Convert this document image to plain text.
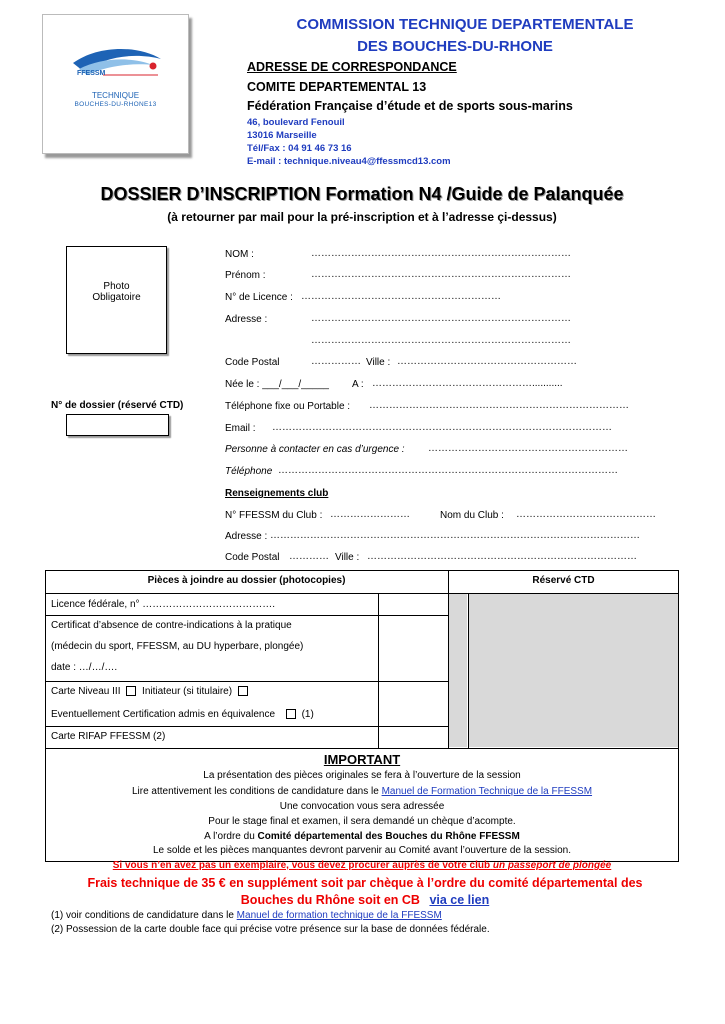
FFESSM
TECHNIQUE
BOUCHES-DU-RHONE13
COMMISSION TECHNIQUE DEPARTEMENTALE
DES BOUCHES-DU-RHONE
ADRESSE DE CORRESPONDANCE
COMITE DEPARTEMENTAL 13
Fédération Française d’étude et de sports sous-marins
46, boulevard Fenouil
13016 Marseille
Tél/Fax : 04 91 46 73 16
E-mail : technique.niveau4@ffessmcd13.com
DOSSIER D’INSCRIPTION Formation N4 /Guide de Palanquée
(à retourner par mail pour la pré-inscription et à l’adresse çi-dessus)
Photo
Obligatoire
N° de dossier (réservé CTD)
NOM :	……………………………………………………………………
Prénom :	……………………………………………………………………
N° de Licence : ……………………………………………………
Adresse :	……………………………………………………………………
……………………………………………………………………
Code Postal	…………… Ville : ………………………………………………
Née le : ___/___/_____ A : …………………………………………...........
Téléphone fixe ou Portable : ……………………………………………………………………
Email : …………………………………………………………………………………………
Personne à contacter en cas d’urgence : ……………………………………………………
Téléphone …………………………………………………………………………………………
Renseignements club
N° FFESSM du Club : ……………………	Nom du Club : ……………………………………
Adresse : …………………………………………………………………………………………………
Code Postal ………… Ville : ………………………………………………………………………
Pièces à joindre au dossier (photocopies)	Réservé CTD
Licence fédérale, n° ………………………………….
Certificat d’absence de contre-indications à la pratique
(médecin du sport, FFESSM, au DU hyperbare, plongée)
date : …/…/….
Carte Niveau III Initiateur (si titulaire)
Eventuellement Certification admis en équivalence	(1)
Carte RIFAP FFESSM (2)
IMPORTANT
La présentation des pièces originales se fera à l’ouverture de la session
Lire attentivement les conditions de candidature dans le Manuel de Formation Technique de la FFESSM
Une convocation vous sera adressée
Pour le stage final et examen, il sera demandé un chèque d’acompte.
A l’ordre du Comité départemental des Bouches du Rhône FFESSM
Le solde et les pièces manquantes devront parvenir au Comité avant l’ouverture de la session.
Si vous n’en avez pas un exemplaire, vous devez procurer auprès de votre club un passeport de plongée
Frais technique de 35 € en supplément soit par chèque à l’ordre du comité départemental des
Bouches du Rhône soit en CB via ce lien
(1) voir conditions de candidature dans le Manuel de formation technique de la FFESSM
(2) Possession de la carte double face qui précise votre présence sur la base de données fédérale.
